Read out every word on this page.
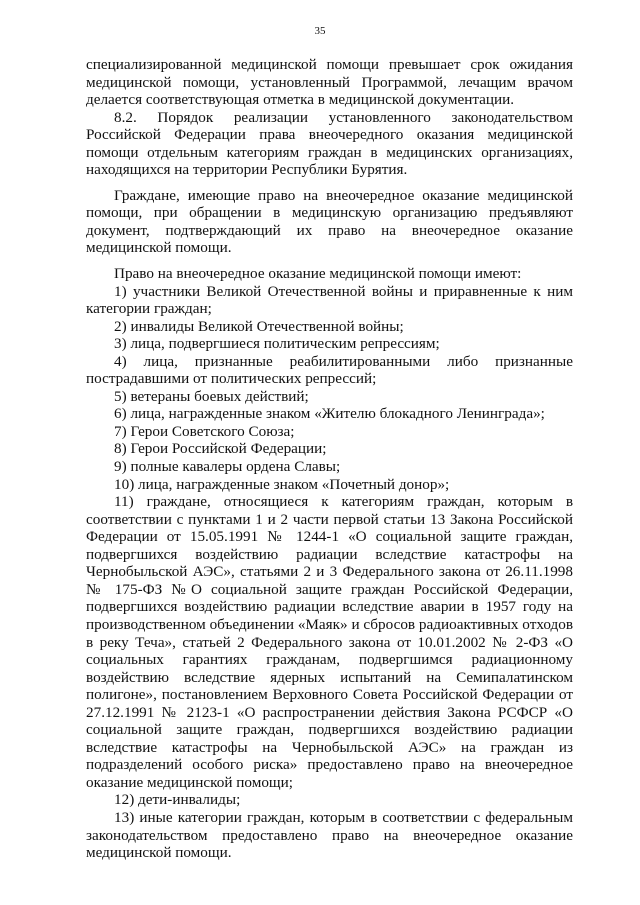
35

специализированной медицинской помощи превышает срок ожидания медицинской помощи, установленный Программой, лечащим врачом делается соответствующая отметка в медицинской документации.

8.2. Порядок реализации установленного законодательством Российской Федерации права внеочередного оказания медицинской помощи отдельным категориям граждан в медицинских организациях, находящихся на территории Республики Бурятия.

Граждане, имеющие право на внеочередное оказание медицинской помощи, при обращении в медицинскую организацию предъявляют документ, подтверждающий их право на внеочередное оказание медицинской помощи.

Право на внеочередное оказание медицинской помощи имеют:

1) участники Великой Отечественной войны и приравненные к ним категории граждан;

2) инвалиды Великой Отечественной войны;

3) лица, подвергшиеся политическим репрессиям;

4) лица, признанные реабилитированными либо признанные пострадавшими от политических репрессий;

5) ветераны боевых действий;

6) лица, награжденные знаком «Жителю блокадного Ленинграда»;

7) Герои Советского Союза;

8) Герои Российской Федерации;

9) полные кавалеры ордена Славы;

10) лица, награжденные знаком «Почетный донор»;

11) граждане, относящиеся к категориям граждан, которым в соответствии с пунктами 1 и 2 части первой статьи 13 Закона Российской Федерации от 15.05.1991 № 1244-1 «О социальной защите граждан, подвергшихся воздействию радиации вследствие катастрофы на Чернобыльской АЭС», статьями 2 и 3 Федерального закона от 26.11.1998 № 175-ФЗ №О социальной защите граждан Российской Федерации, подвергшихся воздействию радиации вследствие аварии в 1957 году на производственном объединении «Маяк» и сбросов радиоактивных отходов в реку Теча», статьей 2 Федерального закона от 10.01.2002 № 2-ФЗ «О социальных гарантиях гражданам, подвергшимся радиационному воздействию вследствие ядерных испытаний на Семипалатинском полигоне», постановлением Верховного Совета Российской Федерации от 27.12.1991 № 2123-1 «О распространении действия Закона РСФСР «О социальной защите граждан, подвергшихся воздействию радиации вследствие катастрофы на Чернобыльской АЭС» на граждан из подразделений особого риска» предоставлено право на внеочередное оказание медицинской помощи;

12) дети-инвалиды;

13) иные категории граждан, которым в соответствии с федеральным законодательством предоставлено право на внеочередное оказание медицинской помощи.
